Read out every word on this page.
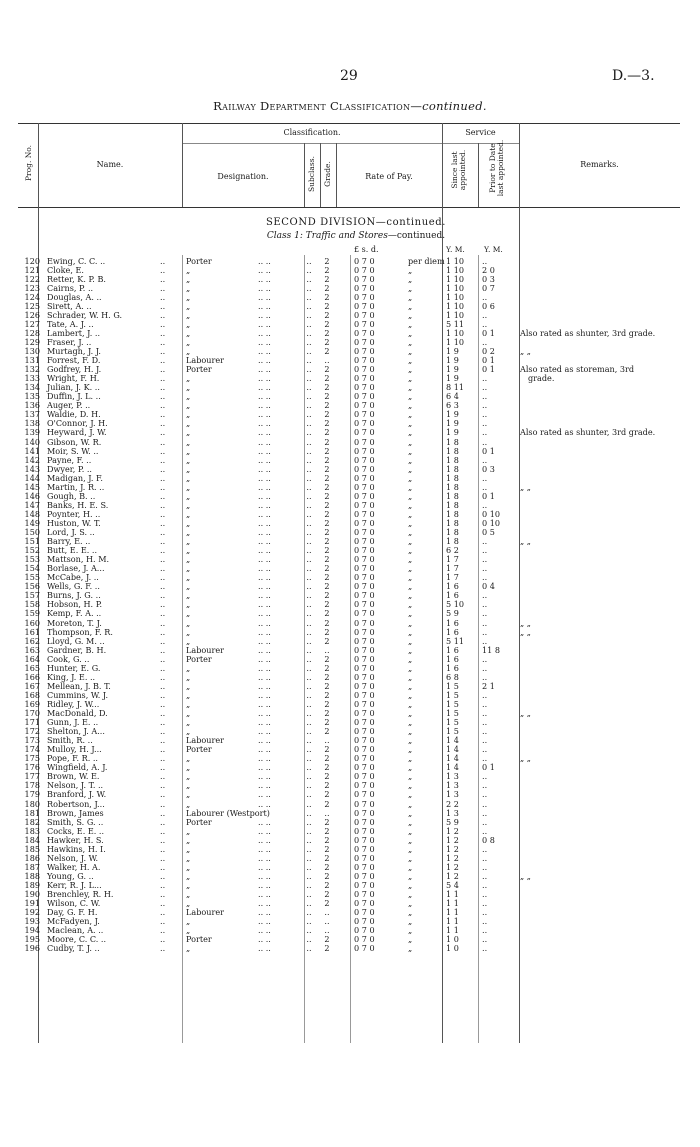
29	D.—3.
Railway Department Classification—continued.
Prog. No.	Name.
Classification.
Designation.	Subclass. Grade.	Rate of Pay.
Service
Since last appointed.	Prior to Date last appointed.	Remarks.
SECOND DIVISION—continued.
Class 1: Traffic and Stores—continued.
£ s. d.	Y. M.	Y. M.
120 Ewing, C. C. ..	..	Porter	.. ..	..	2	0 7 0	per diem 1 10	..
121 Cloke, E.	..	„	.. ..	..	2	0 7 0	„	1 10	2 0
122 Retter, K. P. B.	..	„	.. ..	..	2	0 7 0	„	1 10	0 3
123 Cairns, P. ..	..	„	.. ..	..	2	0 7 0	„	1 10	0 7
124 Douglas, A. ..	..	„	.. ..	..	2	0 7 0	„	1 10	..
125 Sirett, A. ..	..	„	.. ..	..	2	0 7 0	„	1 10	0 6
126 Schrader, W. H. G.	..	„	.. ..	..	2	0 7 0	„	1 10	..
127 Tate, A. J. ..	..	„	.. ..	..	2	0 7 0	„	5 11	..
128 Lambert, J. ..	..	„	.. ..	..	2	0 7 0	„	1 10	0 1	Also rated as shunter, 3rd grade.
129 Fraser, J. ..	..	„	.. ..	..	2	0 7 0	„	1 10	..
130 Murtagh, J. J.	..	„	.. ..	..	2	0 7 0	„	1 9	0 2	„ „
131 Forrest, F. D.	..	Labourer	.. ..	..	..	0 7 0	„	1 9	0 1
132 Godfrey, H. J.	..	Porter	.. ..	..	2	0 7 0	„	1 9	0 1	Also rated as storeman, 3rd
133 Wright, F. H.	..	„	.. ..	..	2	0 7 0	„	1 9	..	grade.
134 Julian, J. K. ..	..	„	.. ..	..	2	0 7 0	„	8 11	..
135 Duffin, J. L. ..	..	„	.. ..	..	2	0 7 0	„	6 4	..
136 Auger, P. ..	..	„	.. ..	..	2	0 7 0	„	6 3	..
137 Waldie, D. H.	..	„	.. ..	..	2	0 7 0	„	1 9	..
138 O'Connor, J. H.	..	„	.. ..	..	2	0 7 0	„	1 9	..
139 Heyward, J. W.	..	„	.. ..	..	2	0 7 0	„	1 9	..	Also rated as shunter, 3rd grade.
140 Gibson, W. R.	..	„	.. ..	..	2	0 7 0	„	1 8	..
141 Moir, S. W. ..	..	„	.. ..	..	2	0 7 0	„	1 8	0 1
142 Payne, F. ..	..	„	.. ..	..	2	0 7 0	„	1 8	..
143 Dwyer, P. ..	..	„	.. ..	..	2	0 7 0	„	1 8	0 3
144 Madigan, J. F.	..	„	.. ..	..	2	0 7 0	„	1 8	..
145 Martin, J. R. ..	..	„	.. ..	..	2	0 7 0	„	1 8	..	„ „
146 Gough, B. ..	..	„	.. ..	..	2	0 7 0	„	1 8	0 1
147 Banks, H. E. S.	..	„	.. ..	..	2	0 7 0	„	1 8	..
148 Poynter, H. ..	..	„	.. ..	..	2	0 7 0	„	1 8	0 10
149 Huston, W. T.	..	„	.. ..	..	2	0 7 0	„	1 8	0 10
150 Lord, J. S. ..	..	„	.. ..	..	2	0 7 0	„	1 8	0 5
151 Barry, E. ..	..	„	.. ..	..	2	0 7 0	„	1 8	..	„ „
152 Butt, E. E. ..	..	„	.. ..	..	2	0 7 0	„	6 2	..
153 Mattson, H. M.	..	„	.. ..	..	2	0 7 0	„	1 7	..
154 Borlase, J. A...	..	„	.. ..	..	2	0 7 0	„	1 7	..
155 McCabe, J. ..	..	„	.. ..	..	2	0 7 0	„	1 7	..
156 Wells, G. F. ..	..	„	.. ..	..	2	0 7 0	„	1 6	0 4
157 Burns, J. G. ..	..	„	.. ..	..	2	0 7 0	„	1 6	..
158 Hobson, H. P.	..	„	.. ..	..	2	0 7 0	„	5 10	..
159 Kemp, F. A. ..	..	„	.. ..	..	2	0 7 0	„	5 9	..
160 Moreton, T. J.	..	„	.. ..	..	2	0 7 0	„	1 6	..	„ „
161 Thompson, F. R.	..	„	.. ..	..	2	0 7 0	„	1 6	..	„ „
162 Lloyd, G. M. ..	..	„	.. ..	..	2	0 7 0	„	5 11	..
163 Gardner, B. H.	..	Labourer	.. ..	..	..	0 7 0	„	1 6	11 8
164 Cook, G. ..	..	Porter	.. ..	..	2	0 7 0	„	1 6	..
165 Hunter, E. G.	..	„	.. ..	..	2	0 7 0	„	1 6	..
166 King, J. E. ..	..	„	.. ..	..	2	0 7 0	„	6 8	..
167 Mellean, J. B. T.	..	„	.. ..	..	2	0 7 0	„	1 5	2 1
168 Cummins, W. J.	..	„	.. ..	..	2	0 7 0	„	1 5	..
169 Ridley, J. W...	..	„	.. ..	..	2	0 7 0	„	1 5	..
170 MacDonald, D.	..	„	.. ..	..	2	0 7 0	„	1 5	..	„ „
171 Gunn, J. E. ..	..	„	.. ..	..	2	0 7 0	„	1 5	..
172 Shelton, J. A...	..	„	.. ..	..	2	0 7 0	„	1 5	..
173 Smith, R. ..	..	Labourer	.. ..	..	..	0 7 0	„	1 4	..
174 Mulloy, H. J...	..	Porter	.. ..	..	2	0 7 0	„	1 4	..
175 Pope, F. R. ..	..	„	.. ..	..	2	0 7 0	„	1 4	..	„ „
176 Wingfield, A. J.	..	„	.. ..	..	2	0 7 0	„	1 4	0 1
177 Brown, W. E.	..	„	.. ..	..	2	0 7 0	„	1 3	..
178 Nelson, J. T. ..	..	„	.. ..	..	2	0 7 0	„	1 3	..
179 Branford, J. W.	..	„	.. ..	..	2	0 7 0	„	1 3	..
180 Robertson, J...	..	„	.. ..	..	2	0 7 0	„	2 2	..
181 Brown, James	..	Labourer (Westport)	..	..	0 7 0	„	1 3	..
182 Smith, S. G. ..	..	Porter	.. ..	..	2	0 7 0	„	5 9	..
183 Cocks, E. E. ..	..	„	.. ..	..	2	0 7 0	„	1 2	..
184 Hawker, H. S.	..	„	.. ..	..	2	0 7 0	„	1 2	0 8
185 Hawkins, H. I.	..	„	.. ..	..	2	0 7 0	„	1 2	..
186 Nelson, J. W.	..	„	.. ..	..	2	0 7 0	„	1 2	..
187 Walker, H. A.	..	„	.. ..	..	2	0 7 0	„	1 2	..
188 Young, G. ..	..	„	.. ..	..	2	0 7 0	„	1 2	..	„ „
189 Kerr, R. J. L...	..	„	.. ..	..	2	0 7 0	„	5 4	..
190 Brenchley, R. H.	..	„	.. ..	..	2	0 7 0	„	1 1	..
191 Wilson, C. W.	..	„	.. ..	..	2	0 7 0	„	1 1	..
192 Day, G. F. H.	..	Labourer	.. ..	..	..	0 7 0	„	1 1	..
193 McFadyen, J.	..	„	.. ..	..	..	0 7 0	„	1 1	..
194 Maclean, A. ..	..	„	.. ..	..	..	0 7 0	„	1 1	..
195 Moore, C. C. ..	..	Porter	.. ..	..	2	0 7 0	„	1 0	..
196 Cudby, T. J. ..	..	„	.. ..	..	2	0 7 0	„	1 0	..
